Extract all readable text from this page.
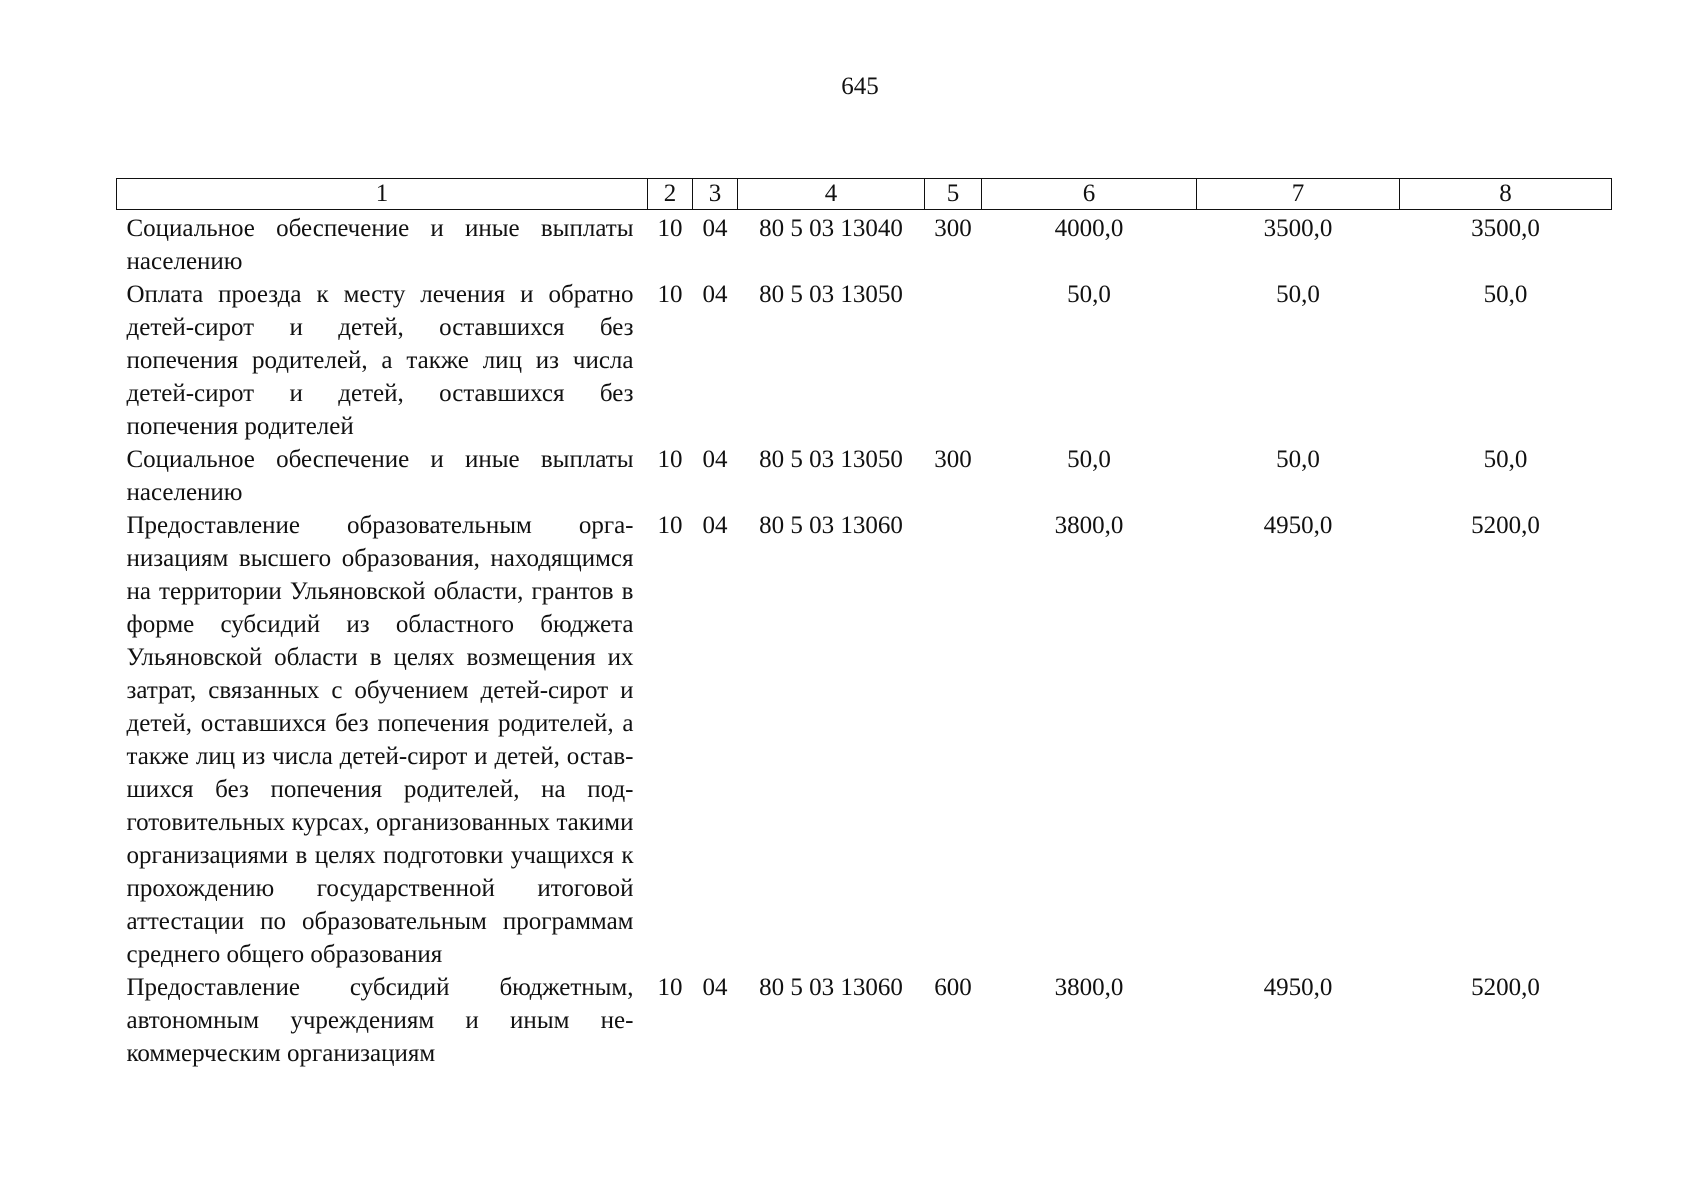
645
1	2	3	4	5	6	7	8
Социальное обеспечение и иные выплаты населению	10	04	80 5 03 13040	300	4000,0	3500,0	3500,0
Оплата проезда к месту лечения и обратно детей-сирот и детей, оставшихся без попечения родителей, а также лиц из числа детей-сирот и детей, оставшихся без попечения родителей	10	04	80 5 03 13050		50,0	50,0	50,0
Социальное обеспечение и иные выплаты населению	10	04	80 5 03 13050	300	50,0	50,0	50,0
Предоставление образовательным организациям высшего образования, находящимся на территории Ульяновской области, грантов в форме субсидий из областного бюджета Ульяновской области в целях возмещения их затрат, связанных с обучением детей-сирот и детей, оставшихся без попечения родителей, а также лиц из числа детей-сирот и детей, оставшихся без попечения родителей, на подготовительных курсах, организованных такими организациями в целях подготовки учащихся к прохождению государственной итоговой аттестации по образовательным программам среднего общего образования	10	04	80 5 03 13060		3800,0	4950,0	5200,0
Предоставление субсидий бюджетным, автономным учреждениям и иным некоммерческим организациям	10	04	80 5 03 13060	600	3800,0	4950,0	5200,0
